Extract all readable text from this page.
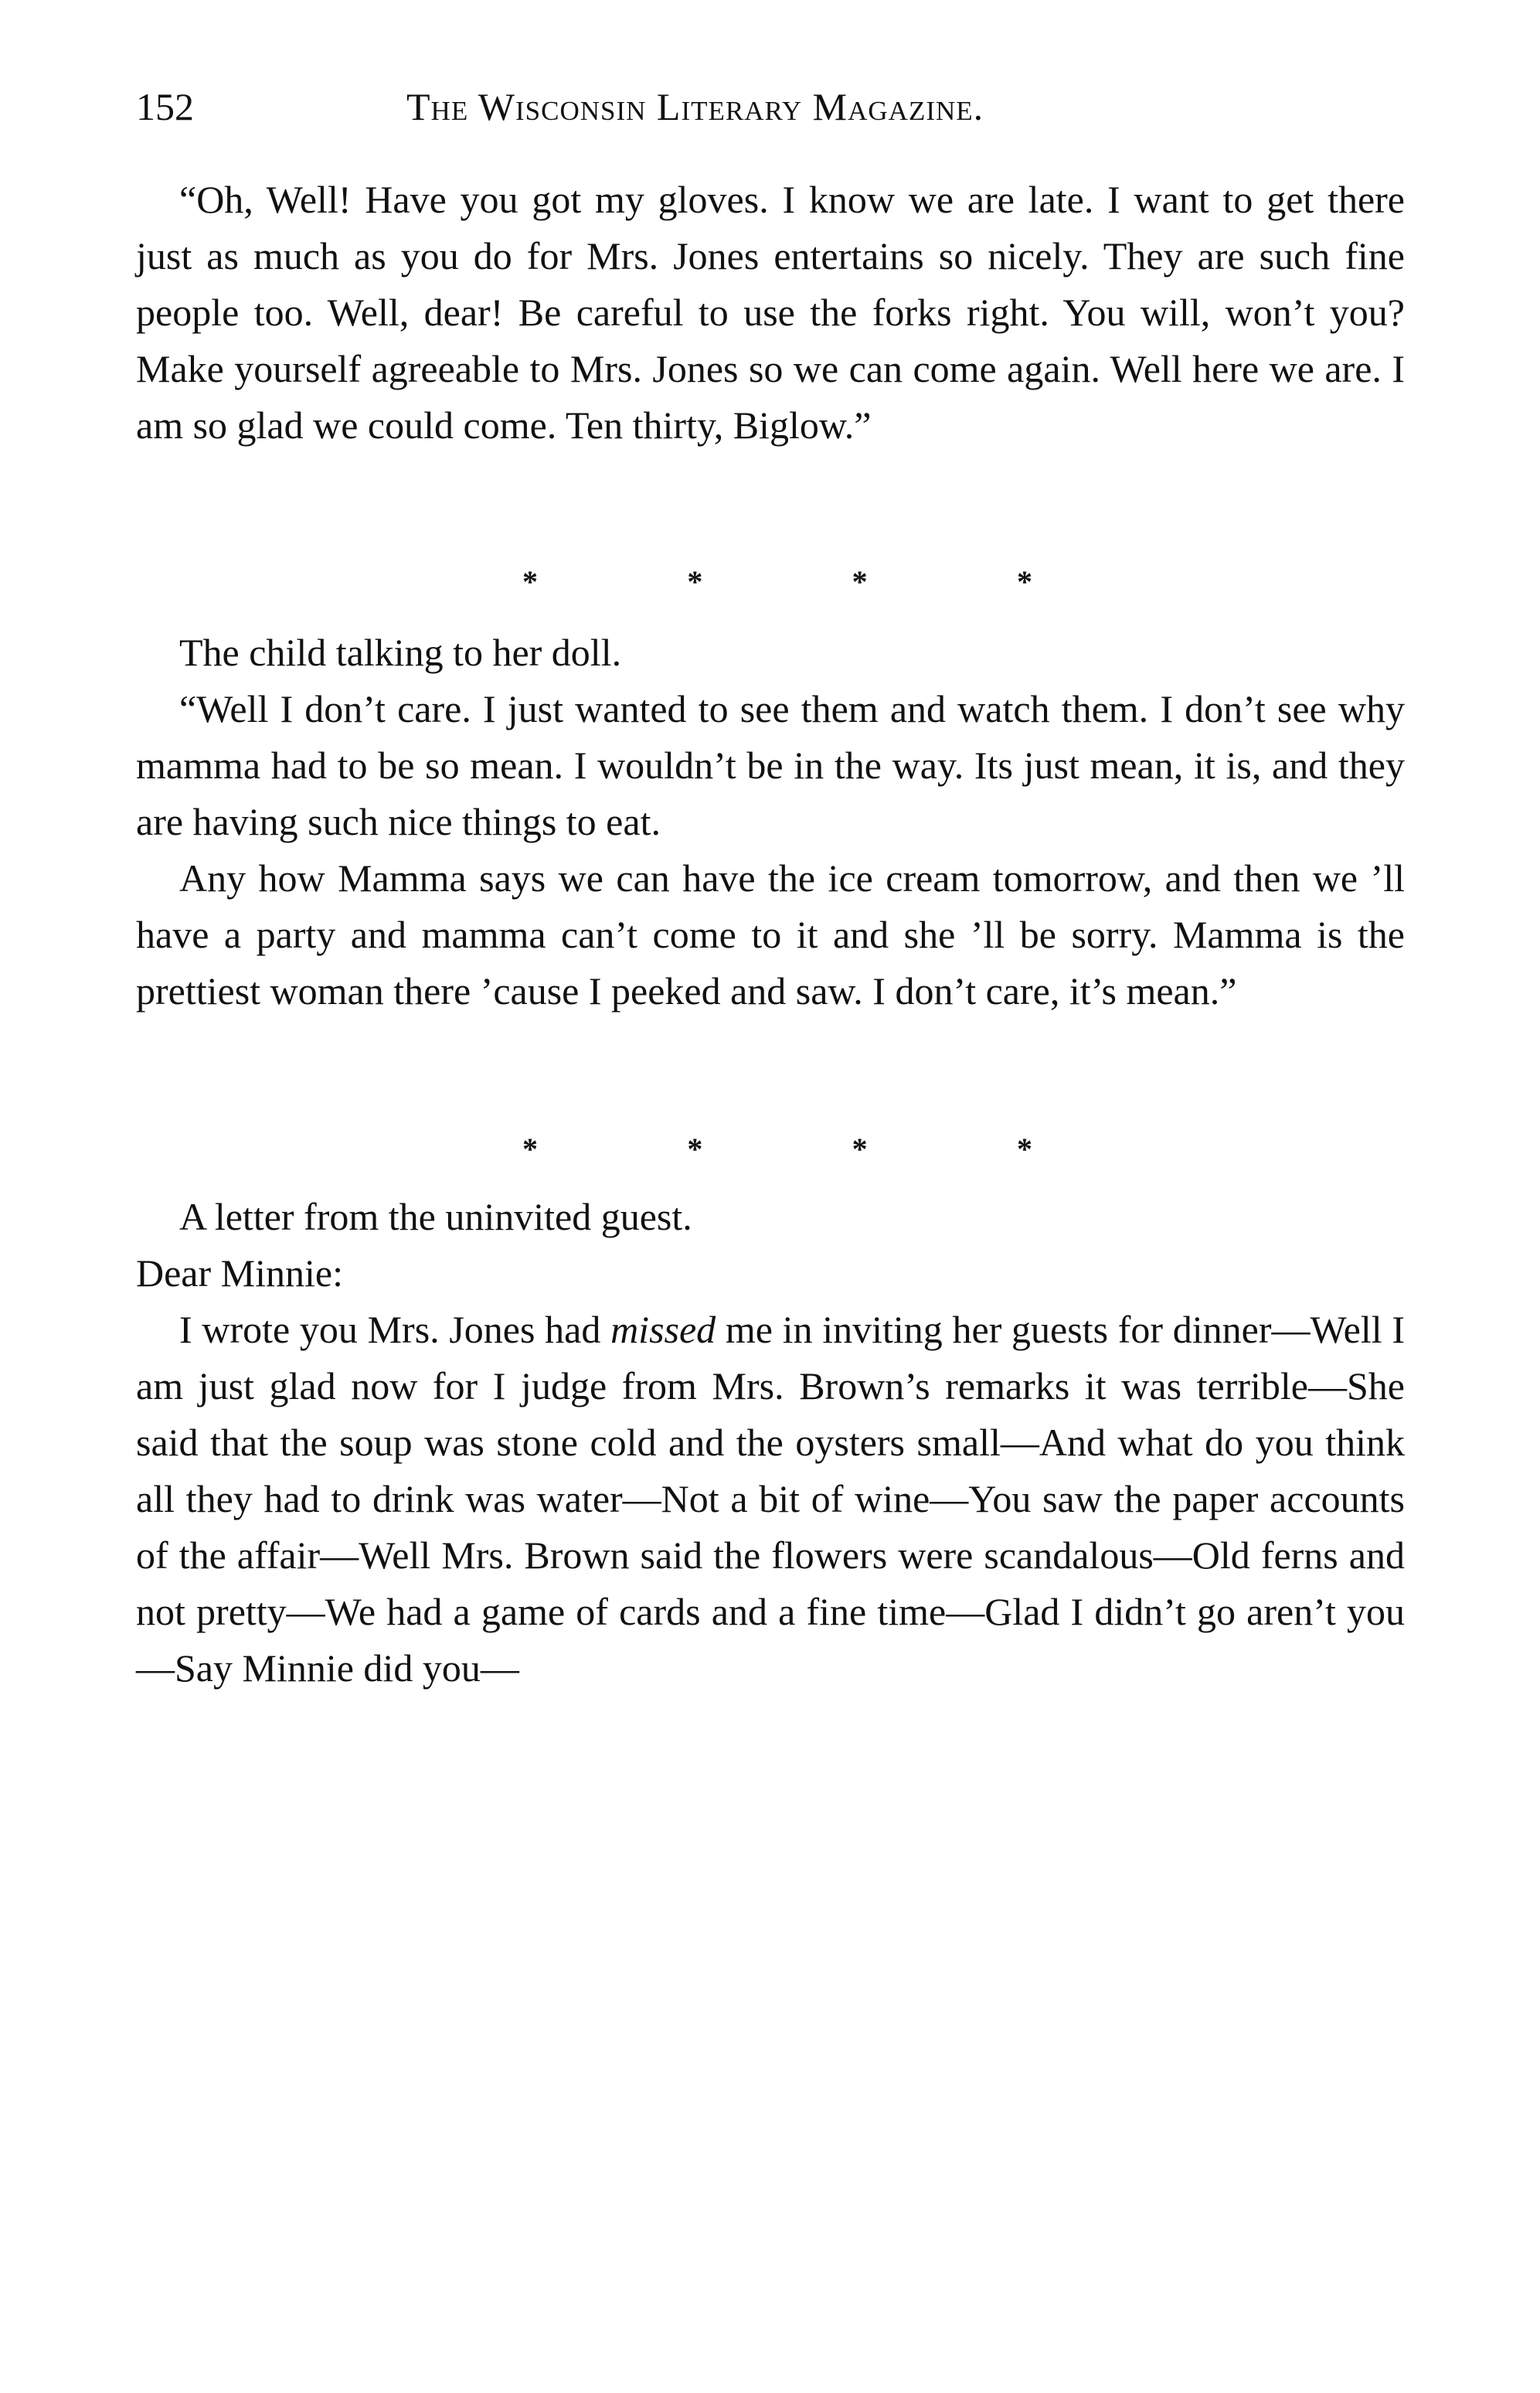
152	The Wisconsin Literary Magazine.

“Oh, Well! Have you got my gloves. I know we are late. I want to get there just as much as you do for Mrs. Jones entertains so nicely. They are such fine people too. Well, dear! Be careful to use the forks right. You will, won’t you? Make yourself agreeable to Mrs. Jones so we can come again. Well here we are. I am so glad we could come. Ten thirty, Biglow.”

*	*	*	*

The child talking to her doll.

“Well I don’t care. I just wanted to see them and watch them. I don’t see why mamma had to be so mean. I wouldn’t be in the way. Its just mean, it is, and they are having such nice things to eat.

Any how Mamma says we can have the ice cream tomorrow, and then we ’ll have a party and mamma can’t come to it and she ’ll be sorry. Mamma is the prettiest woman there ’cause I peeked and saw. I don’t care, it’s mean.”

*	*	*	*

A letter from the uninvited guest.

Dear Minnie:

I wrote you Mrs. Jones had missed me in inviting her guests for dinner—Well I am just glad now for I judge from Mrs. Brown’s remarks it was terrible—She said that the soup was stone cold and the oysters small—And what do you think all they had to drink was water—Not a bit of wine—You saw the paper accounts of the affair—Well Mrs. Brown said the flowers were scandalous—Old ferns and not pretty—We had a game of cards and a fine time—Glad I didn’t go aren’t you—Say Minnie did you—
